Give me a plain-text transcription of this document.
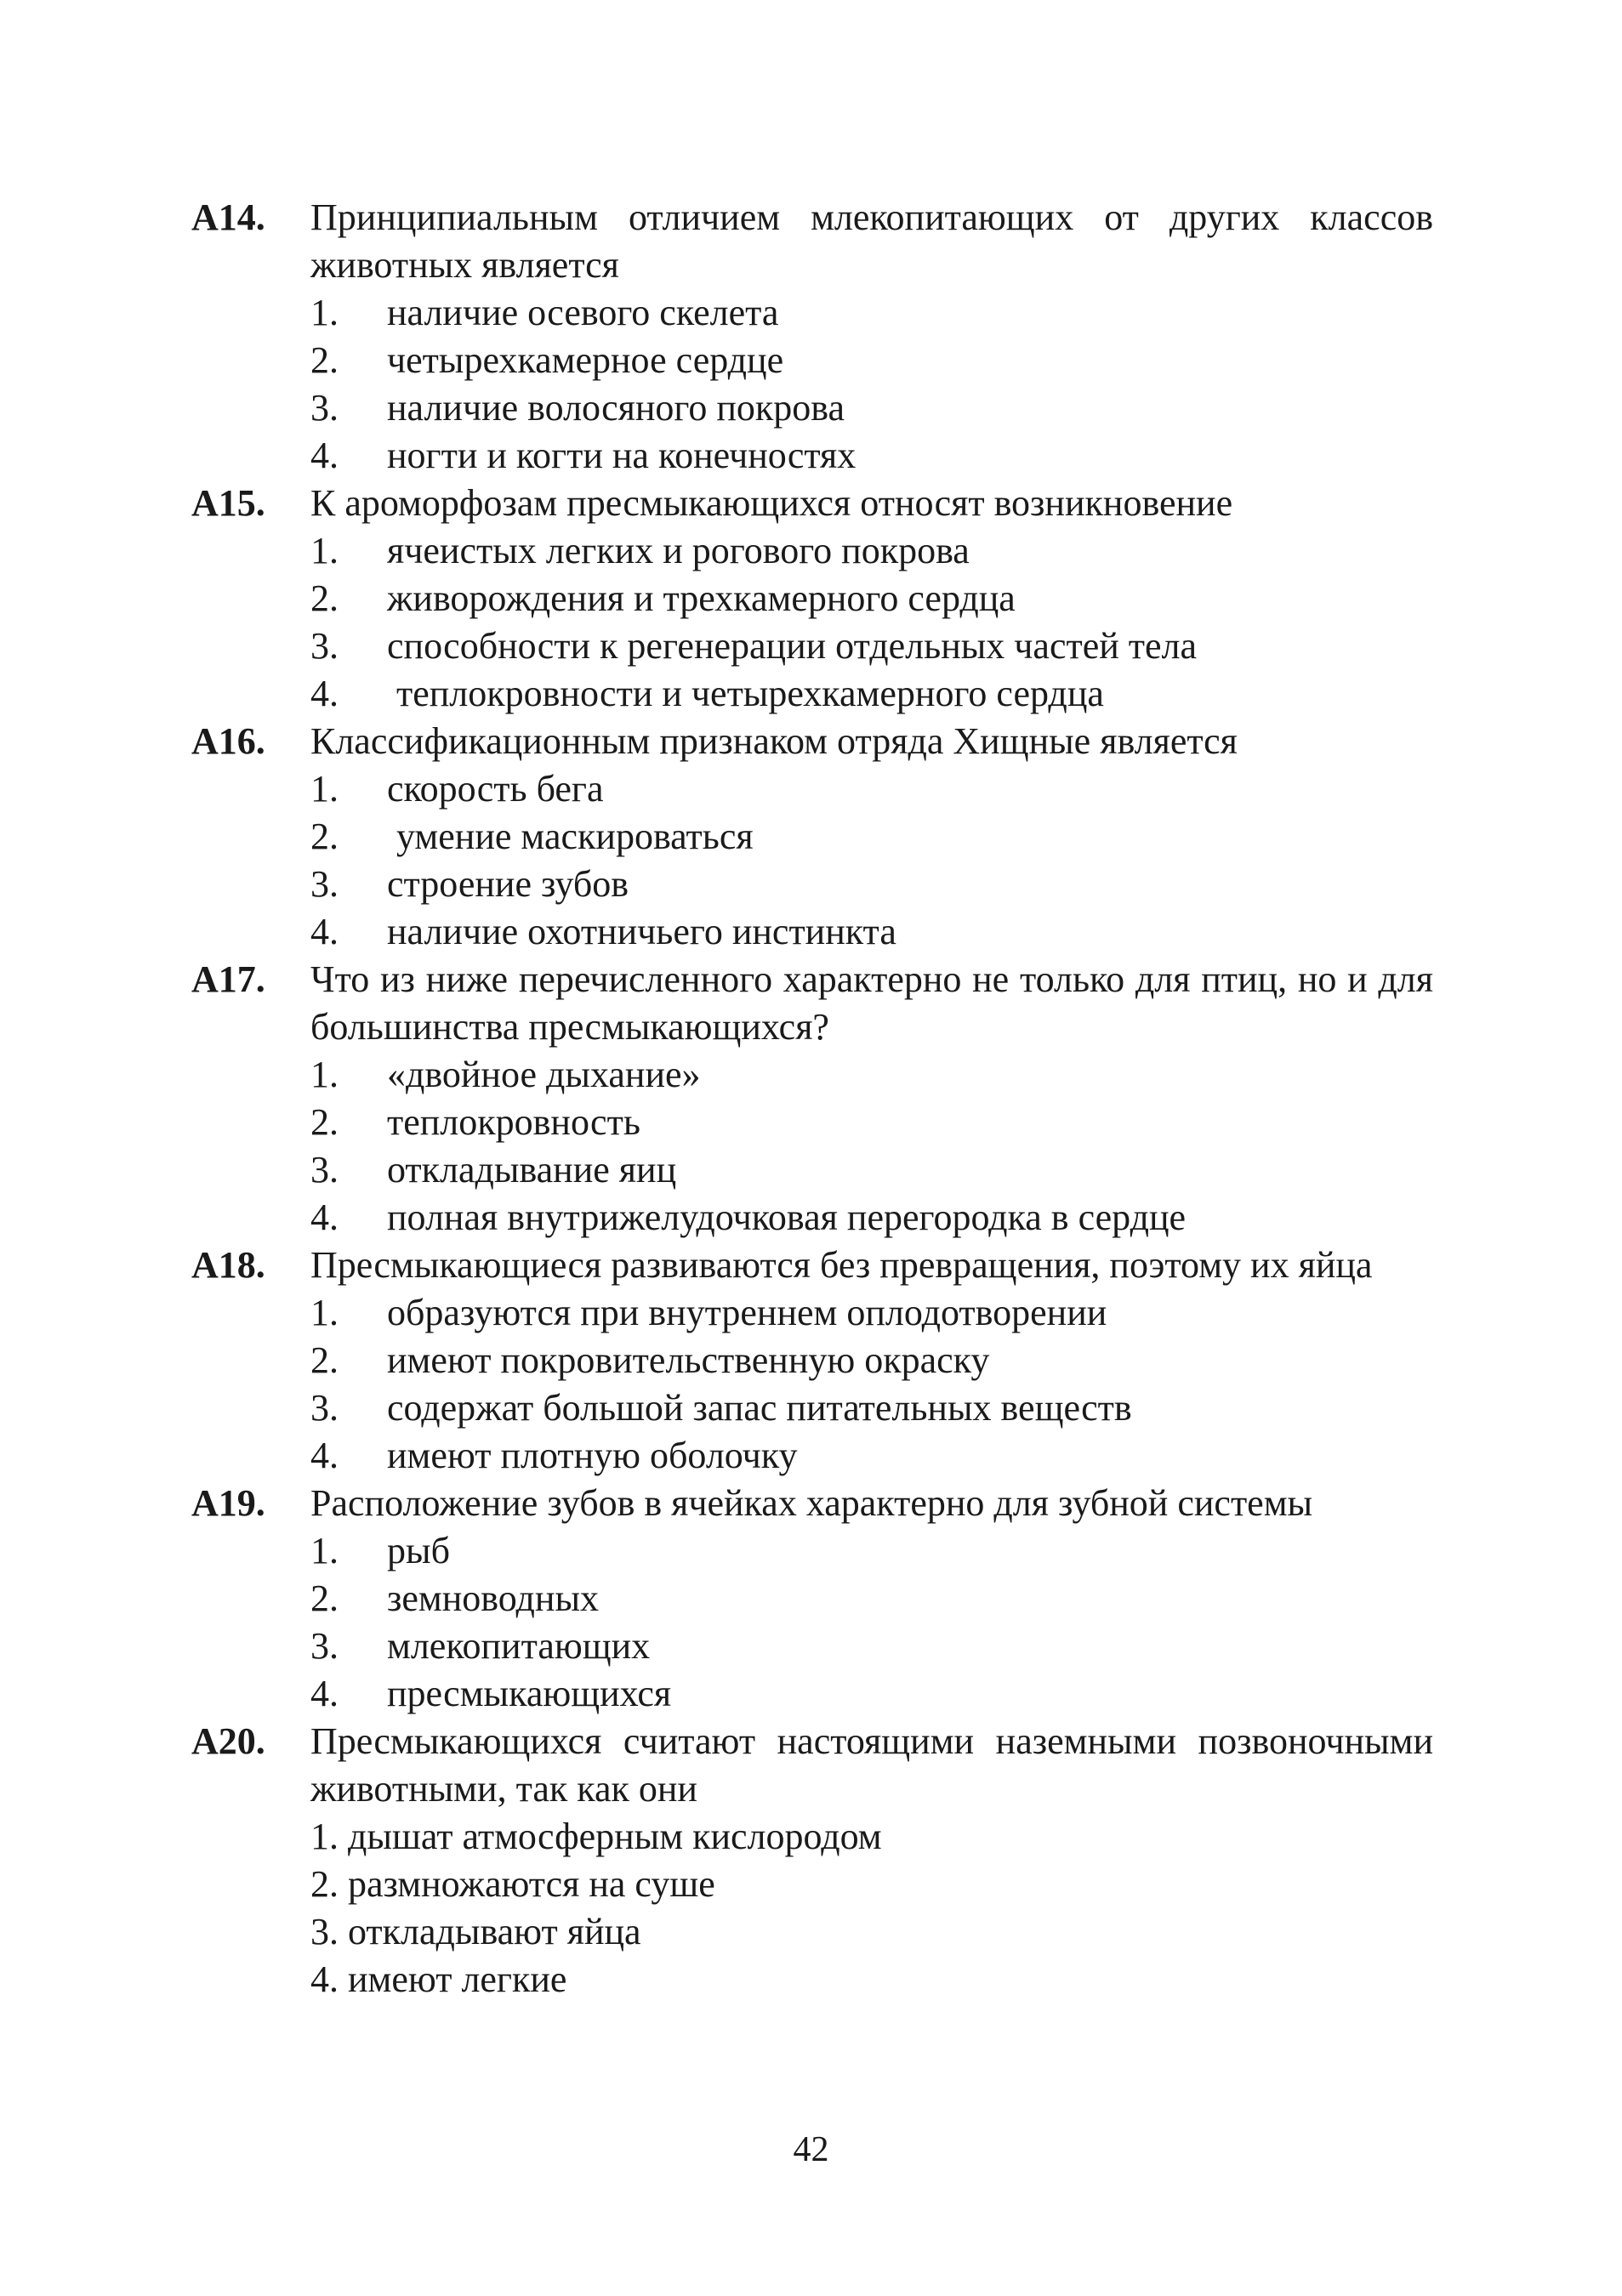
А14.	Принципиальным отличием млекопитающих от других классов животных является
1.	наличие осевого скелета
2.	четырехкамерное сердце
3.	наличие волосяного покрова
4.	ногти и когти на конечностях
А15.	К ароморфозам пресмыкающихся относят возникновение
1.	ячеистых легких и рогового покрова
2.	живорождения и трехкамерного сердца
3.	способности к регенерации отдельных частей тела
4.	теплокровности и четырехкамерного сердца
А16.	Классификационным признаком отряда Хищные является
1.	скорость бега
2.	умение маскироваться
3.	строение зубов
4.	наличие охотничьего инстинкта
А17.	Что из ниже перечисленного характерно не только для птиц, но и для большинства пресмыкающихся?
1.	«двойное дыхание»
2.	теплокровность
3.	откладывание яиц
4.	полная внутрижелудочковая перегородка в сердце
А18.	Пресмыкающиеся развиваются без превращения, поэтому их яйца
1.	образуются при внутреннем оплодотворении
2.	имеют покровительственную окраску
3.	содержат большой запас питательных веществ
4.	имеют плотную оболочку
А19.	Расположение зубов в ячейках характерно для зубной системы
1.	рыб
2.	земноводных
3.	млекопитающих
4.	пресмыкающихся
А20.	Пресмыкающихся считают настоящими наземными позвоночными животными, так как они
1. дышат атмосферным кислородом
2. размножаются на суше
3. откладывают яйца
4. имеют легкие
42
